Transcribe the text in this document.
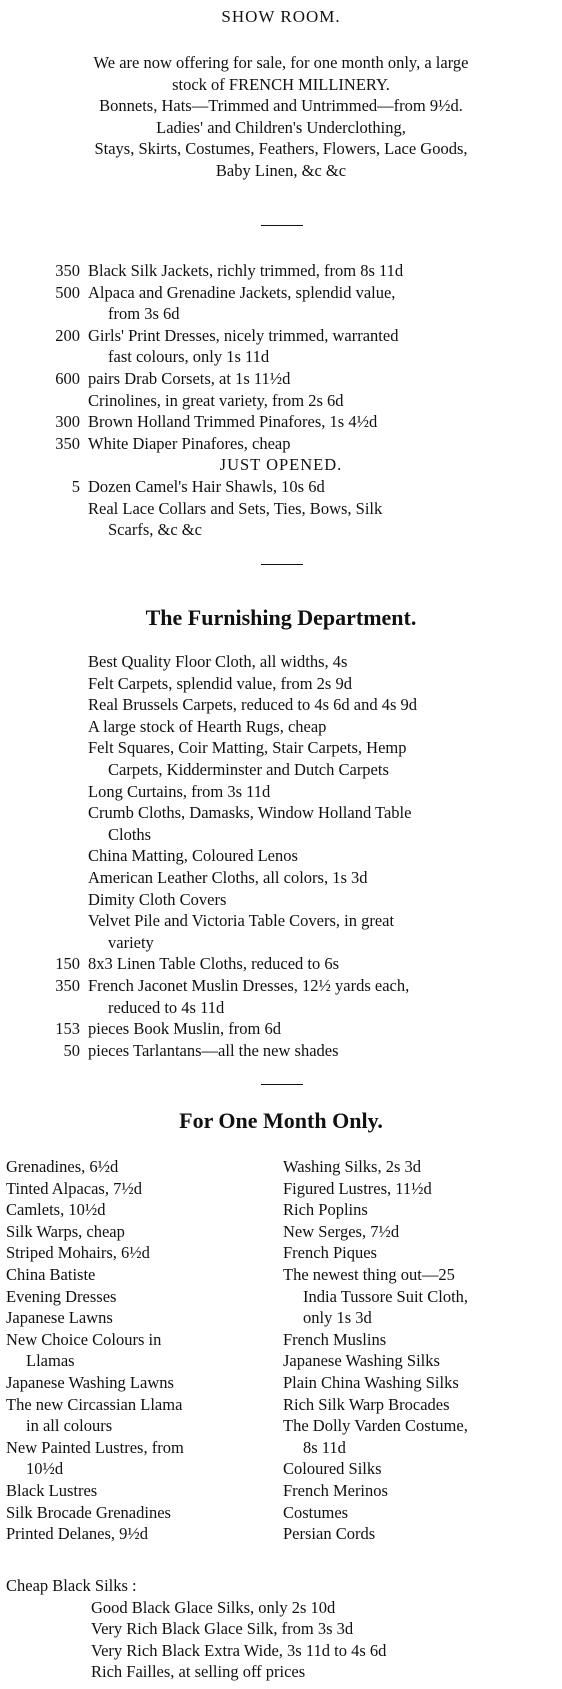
SHOW ROOM.
We are now offering for sale, for one month only, a large
stock of FRENCH MILLINERY.
Bonnets, Hats—Trimmed and Untrimmed—from 9½d.
Ladies' and Children's Underclothing,
Stays, Skirts, Costumes, Feathers, Flowers, Lace Goods,
Baby Linen, &c &c
350 Black Silk Jackets, richly trimmed, from 8s 11d
500 Alpaca and Grenadine Jackets, splendid value,
from 3s 6d
200 Girls' Print Dresses, nicely trimmed, warranted
fast colours, only 1s 11d
600 pairs Drab Corsets, at 1s 11½d
Crinolines, in great variety, from 2s 6d
300 Brown Holland Trimmed Pinafores, 1s 4½d
350 White Diaper Pinafores, cheap
JUST OPENED.
5 Dozen Camel's Hair Shawls, 10s 6d
Real Lace Collars and Sets, Ties, Bows, Silk
Scarfs, &c &c
The Furnishing Department.
Best Quality Floor Cloth, all widths, 4s
Felt Carpets, splendid value, from 2s 9d
Real Brussels Carpets, reduced to 4s 6d and 4s 9d
A large stock of Hearth Rugs, cheap
Felt Squares, Coir Matting, Stair Carpets, Hemp
Carpets, Kidderminster and Dutch Carpets
Long Curtains, from 3s 11d
Crumb Cloths, Damasks, Window Holland Table
Cloths
China Matting, Coloured Lenos
American Leather Cloths, all colors, 1s 3d
Dimity Cloth Covers
Velvet Pile and Victoria Table Covers, in great
variety
150 8x3 Linen Table Cloths, reduced to 6s
350 French Jaconet Muslin Dresses, 12½ yards each,
reduced to 4s 11d
153 pieces Book Muslin, from 6d
50 pieces Tarlantans—all the new shades
For One Month Only.
Grenadines, 6½d
Tinted Alpacas, 7½d
Camlets, 10½d
Silk Warps, cheap
Striped Mohairs, 6½d
China Batiste
Evening Dresses
Japanese Lawns
New Choice Colours in
Llamas
Japanese Washing Lawns
The new Circassian Llama
in all colours
New Painted Lustres, from
10½d
Black Lustres
Silk Brocade Grenadines
Printed Delanes, 9½d
Washing Silks, 2s 3d
Figured Lustres, 11½d
Rich Poplins
New Serges, 7½d
French Piques
The newest thing out—25
India Tussore Suit Cloth,
only 1s 3d
French Muslins
Japanese Washing Silks
Plain China Washing Silks
Rich Silk Warp Brocades
The Dolly Varden Costume,
8s 11d
Coloured Silks
French Merinos
Costumes
Persian Cords
Cheap Black Silks :
Good Black Glace Silks, only 2s 10d
Very Rich Black Glace Silk, from 3s 3d
Very Rich Black Extra Wide, 3s 11d to 4s 6d
Rich Failles, at selling off prices
